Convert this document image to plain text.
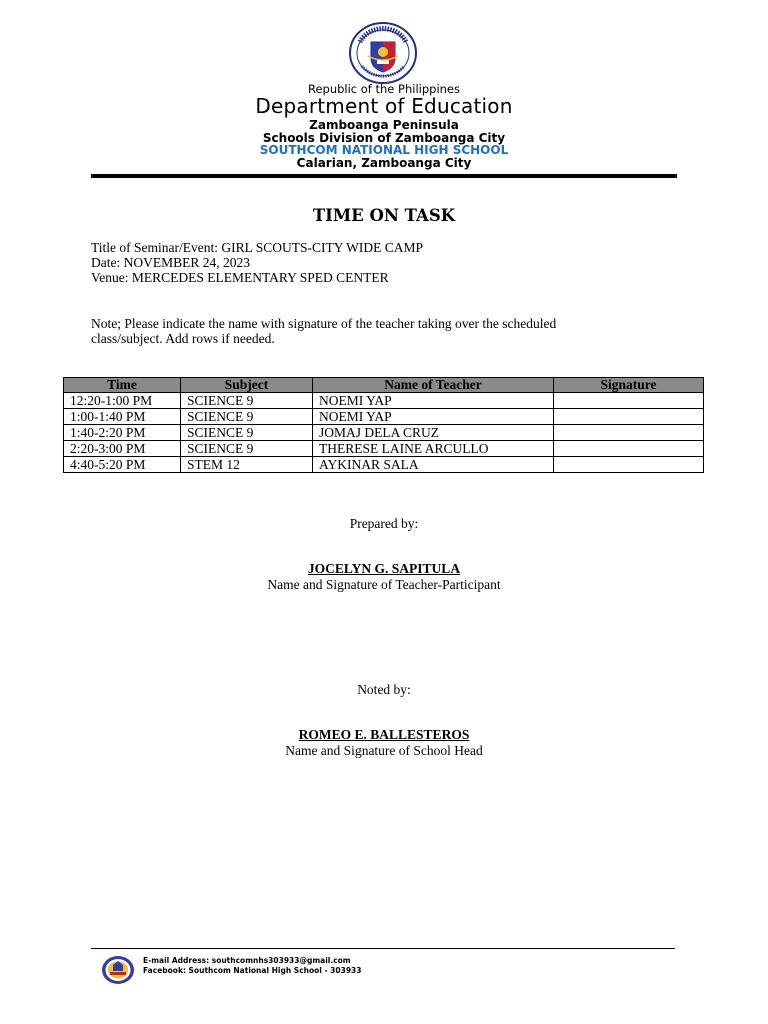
Republic of the Philippines
Department of Education
Zamboanga Peninsula
Schools Division of Zamboanga City
SOUTHCOM NATIONAL HIGH SCHOOL
Calarian, Zamboanga City
TIME ON TASK
Title of Seminar/Event: GIRL SCOUTS-CITY WIDE CAMP
Date: NOVEMBER 24, 2023
Venue: MERCEDES ELEMENTARY SPED CENTER
Note; Please indicate the name with signature of the teacher taking over the scheduled class/subject. Add rows if needed.
Time	Subject	Name of Teacher	Signature
12:20-1:00 PM	SCIENCE 9	NOEMI YAP	
1:00-1:40 PM	SCIENCE 9	NOEMI YAP	
1:40-2:20 PM	SCIENCE 9	JOMAJ DELA CRUZ	
2:20-3:00 PM	SCIENCE 9	THERESE LAINE ARCULLO	
4:40-5:20 PM	STEM 12	AYKINAR SALA	
Prepared by:
JOCELYN G. SAPITULA
Name and Signature of Teacher-Participant
Noted by:
ROMEO E. BALLESTEROS
Name and Signature of School Head
E-mail Address: southcomnhs303933@gmail.com
Facebook: Southcom National High School - 303933
